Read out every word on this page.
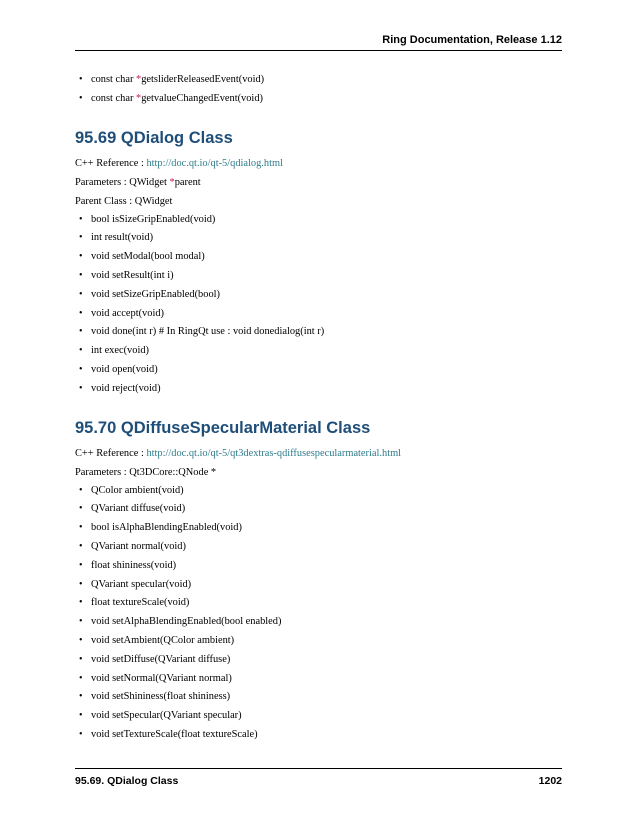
Ring Documentation, Release 1.12
• const char *getsliderReleasedEvent(void)
• const char *getvalueChangedEvent(void)
95.69 QDialog Class
C++ Reference : http://doc.qt.io/qt-5/qdialog.html
Parameters : QWidget *parent
Parent Class : QWidget
• bool isSizeGripEnabled(void)
• int result(void)
• void setModal(bool modal)
• void setResult(int i)
• void setSizeGripEnabled(bool)
• void accept(void)
• void done(int r) # In RingQt use : void donedialog(int r)
• int exec(void)
• void open(void)
• void reject(void)
95.70 QDiffuseSpecularMaterial Class
C++ Reference : http://doc.qt.io/qt-5/qt3dextras-qdiffusespecularmaterial.html
Parameters : Qt3DCore::QNode *
• QColor ambient(void)
• QVariant diffuse(void)
• bool isAlphaBlendingEnabled(void)
• QVariant normal(void)
• float shininess(void)
• QVariant specular(void)
• float textureScale(void)
• void setAlphaBlendingEnabled(bool enabled)
• void setAmbient(QColor ambient)
• void setDiffuse(QVariant diffuse)
• void setNormal(QVariant normal)
• void setShininess(float shininess)
• void setSpecular(QVariant specular)
• void setTextureScale(float textureScale)
95.69. QDialog Class	1202
